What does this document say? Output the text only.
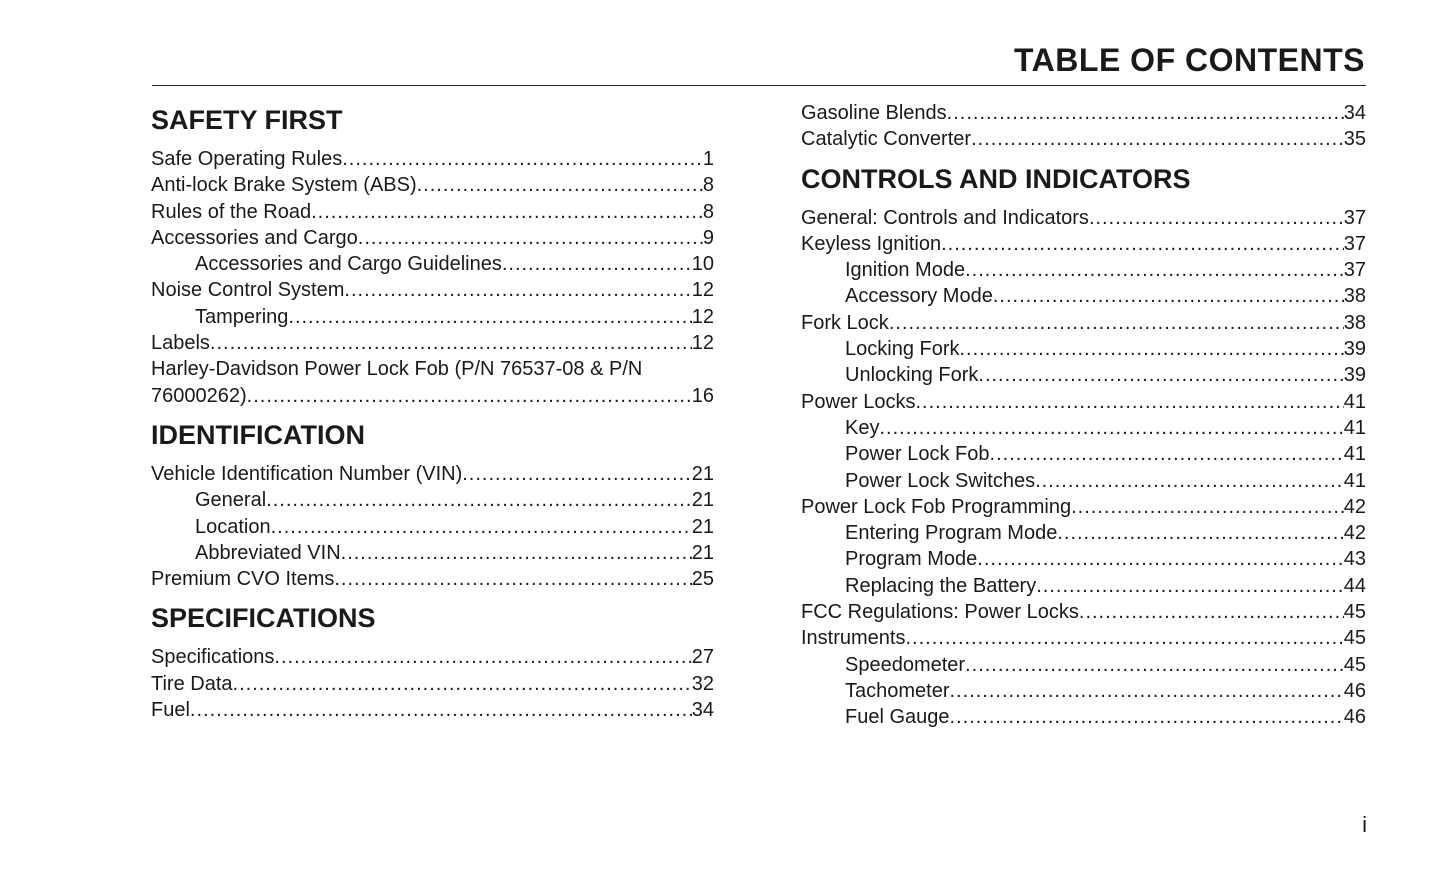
TABLE OF CONTENTS
SAFETY FIRST
Safe Operating Rules .....	1
Anti-lock Brake System (ABS) .....	8
Rules of the Road .....	8
Accessories and Cargo .....	9
Accessories and Cargo Guidelines .....	10
Noise Control System .....	12
Tampering .....	12
Labels .....	12
Harley-Davidson Power Lock Fob (P/N 76537-08 & P/N
76000262) .....	16
IDENTIFICATION
Vehicle Identification Number (VIN) .....	21
General .....	21
Location .....	21
Abbreviated VIN .....	21
Premium CVO Items .....	25
SPECIFICATIONS
Specifications .....	27
Tire Data .....	32
Fuel .....	34
Gasoline Blends .....	34
Catalytic Converter .....	35
CONTROLS AND INDICATORS
General: Controls and Indicators .....	37
Keyless Ignition .....	37
Ignition Mode .....	37
Accessory Mode .....	38
Fork Lock .....	38
Locking Fork .....	39
Unlocking Fork .....	39
Power Locks .....	41
Key .....	41
Power Lock Fob .....	41
Power Lock Switches .....	41
Power Lock Fob Programming .....	42
Entering Program Mode .....	42
Program Mode .....	43
Replacing the Battery .....	44
FCC Regulations: Power Locks .....	45
Instruments .....	45
Speedometer .....	45
Tachometer .....	46
Fuel Gauge .....	46
i
